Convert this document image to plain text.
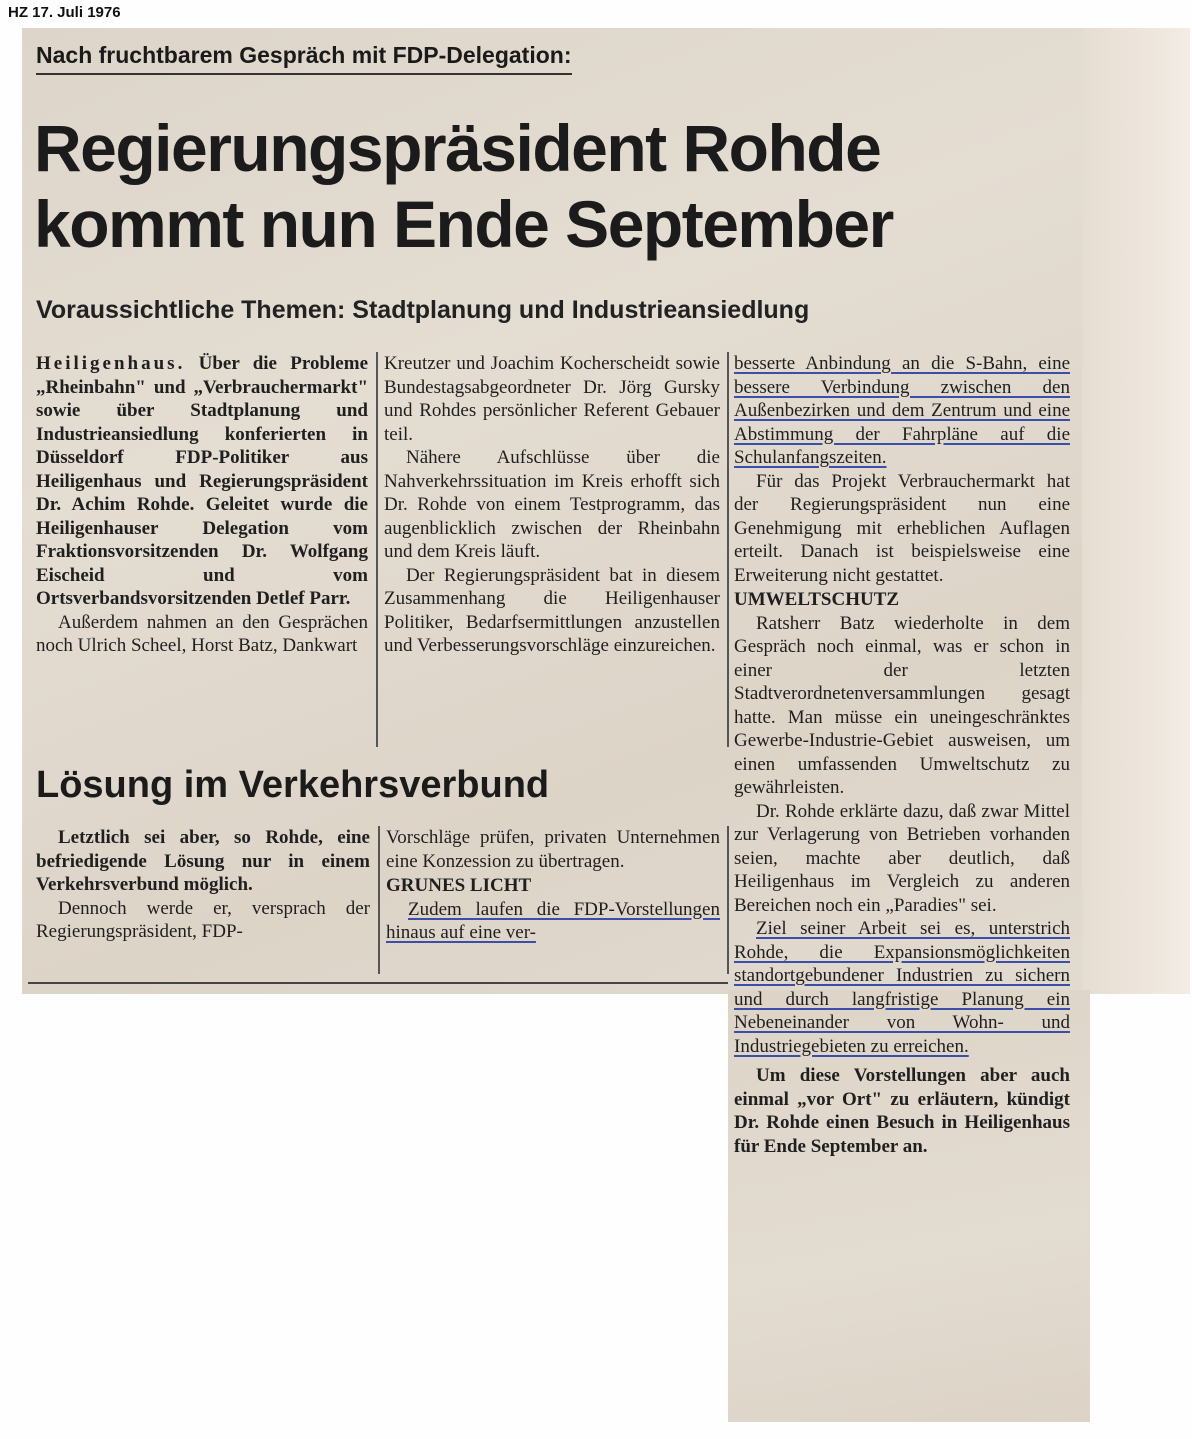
HZ 17. Juli 1976
Nach fruchtbarem Gespräch mit FDP-Delegation:
Regierungspräsident Rohde
kommt nun Ende September
Voraussichtliche Themen: Stadtplanung und Industrieansiedlung

Heiligenhaus. Über die Probleme „Rheinbahn" und „Verbrauchermarkt" sowie über Stadtplanung und Industrieansiedlung konferierten in Düsseldorf FDP-Politiker aus Heiligenhaus und Regierungspräsident Dr. Achim Rohde. Geleitet wurde die Heiligenhauser Delegation vom Fraktionsvorsitzenden Dr. Wolfgang Eischeid und vom Ortsverbandsvorsitzenden Detlef Parr.

Außerdem nahmen an den Gesprächen noch Ulrich Scheel, Horst Batz, Dankwart

Kreutzer und Joachim Kocherscheidt sowie Bundestagsabgeordneter Dr. Jörg Gursky und Rohdes persönlicher Referent Gebauer teil.

Nähere Aufschlüsse über die Nahverkehrssituation im Kreis erhofft sich Dr. Rohde von einem Testprogramm, das augenblicklich zwischen der Rheinbahn und dem Kreis läuft.

Der Regierungspräsident bat in diesem Zusammenhang die Heiligenhauser Politiker, Bedarfsermittlungen anzustellen und Verbesserungsvorschläge einzureichen.

besserte Anbindung an die S-Bahn, eine bessere Verbindung zwischen den Außenbezirken und dem Zentrum und eine Abstimmung der Fahrpläne auf die Schulanfangszeiten.

Für das Projekt Verbrauchermarkt hat der Regierungspräsident nun eine Genehmigung mit erheblichen Auflagen erteilt. Danach ist beispielsweise eine Erweiterung nicht gestattet.

UMWELTSCHUTZ

Ratsherr Batz wiederholte in dem Gespräch noch einmal, was er schon in einer der letzten Stadtverordnetenversammlungen gesagt hatte. Man müsse ein uneingeschränktes Gewerbe-Industrie-Gebiet ausweisen, um einen umfassenden Umweltschutz zu gewährleisten.

Dr. Rohde erklärte dazu, daß zwar Mittel zur Verlagerung von Betrieben vorhanden seien, machte aber deutlich, daß Heiligenhaus im Vergleich zu anderen Bereichen noch ein „Paradies" sei.

Ziel seiner Arbeit sei es, unterstrich Rohde, die Expansionsmöglichkeiten standortgebundener Industrien zu sichern und durch langfristige Planung ein Nebeneinander von Wohn- und Industriegebieten zu erreichen.

Um diese Vorstellungen aber auch einmal „vor Ort" zu erläutern, kündigt Dr. Rohde einen Besuch in Heiligenhaus für Ende September an.

Lösung im Verkehrsverbund

Letztlich sei aber, so Rohde, eine befriedigende Lösung nur in einem Verkehrsverbund möglich.

Dennoch werde er, versprach der Regierungspräsident, FDP-

Vorschläge prüfen, privaten Unternehmen eine Konzession zu übertragen.

GRUNES LICHT

Zudem laufen die FDP-Vorstellungen hinaus auf eine ver-
